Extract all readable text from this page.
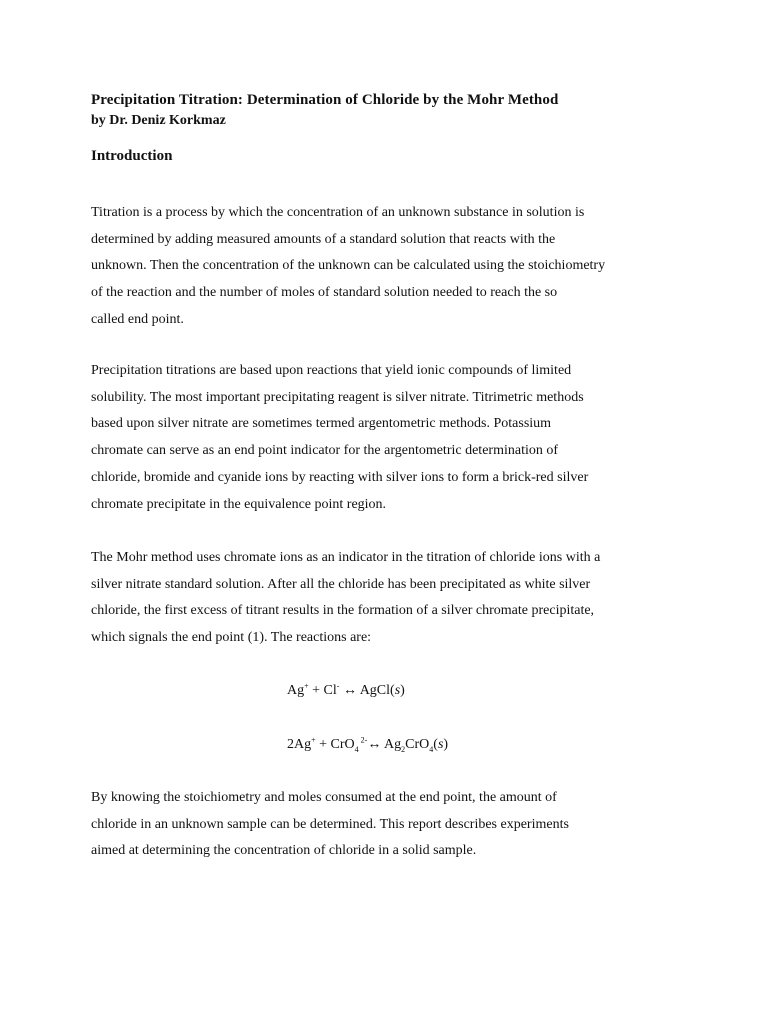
Precipitation Titration: Determination of Chloride by the Mohr Method

by Dr. Deniz Korkmaz

Introduction

Titration is a process by which the concentration of an unknown substance in solution is
determined by adding measured amounts of a standard solution that reacts with the
unknown. Then the concentration of the unknown can be calculated using the stoichiometry
of the reaction and the number of moles of standard solution needed to reach the so
called end point.

Precipitation titrations are based upon reactions that yield ionic compounds of limited
solubility. The most important precipitating reagent is silver nitrate. Titrimetric methods
based upon silver nitrate are sometimes termed argentometric methods. Potassium
chromate can serve as an end point indicator for the argentometric determination of
chloride, bromide and cyanide ions by reacting with silver ions to form a brick-red silver
chromate precipitate in the equivalence point region.

The Mohr method uses chromate ions as an indicator in the titration of chloride ions with a
silver nitrate standard solution. After all the chloride has been precipitated as white silver
chloride, the first excess of titrant results in the formation of a silver chromate precipitate,
which signals the end point (1). The reactions are:

Ag+ + Cl- ↔ AgCl(s)

2Ag+ + CrO$_4^{2-}$↔ $Ag_2CrO_4(s)$

By knowing the stoichiometry and moles consumed at the end point, the amount of
chloride in an unknown sample can be determined. This report describes experiments
aimed at determining the concentration of chloride in a solid sample.
